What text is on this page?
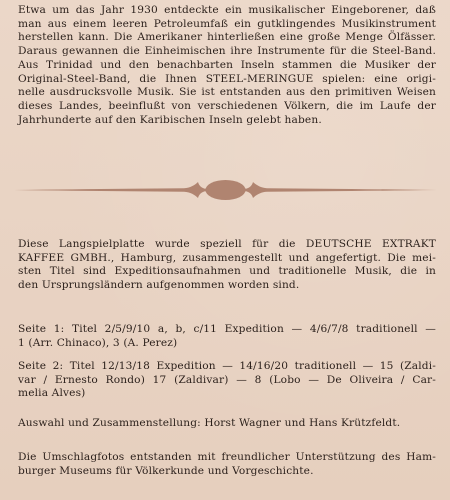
Etwa um das Jahr 1930 entdeckte ein musikalischer Eingeborener, daß
man aus einem leeren Petroleumfaß ein gutklingendes Musikinstrument
herstellen kann. Die Amerikaner hinterließen eine große Menge Ölfässer.
Daraus gewannen die Einheimischen ihre Instrumente für die Steel-Band.
Aus Trinidad und den benachbarten Inseln stammen die Musiker der
Original-Steel-Band, die Ihnen STEEL-MERINGUE spielen: eine origi-
nelle ausdrucksvolle Musik. Sie ist entstanden aus den primitiven Weisen
dieses Landes, beeinflußt von verschiedenen Völkern, die im Laufe der
Jahrhunderte auf den Karibischen Inseln gelebt haben.

Diese Langspielplatte wurde speziell für die DEUTSCHE EXTRAKT
KAFFEE GMBH., Hamburg, zusammengestellt und angefertigt. Die mei-
sten Titel sind Expeditionsaufnahmen und traditionelle Musik, die in
den Ursprungsländern aufgenommen worden sind.

Seite 1: Titel 2/5/9/10 a, b, c/11 Expedition — 4/6/7/8 traditionell —
1 (Arr. Chinaco), 3 (A. Perez)

Seite 2: Titel 12/13/18 Expedition — 14/16/20 traditionell — 15 (Zaldi-
var / Ernesto Rondo) 17 (Zaldivar) — 8 (Lobo — De Oliveira / Car-
melia Alves)

Auswahl und Zusammenstellung: Horst Wagner und Hans Krützfeldt.

Die Umschlagfotos entstanden mit freundlicher Unterstützung des Ham-
burger Museums für Völkerkunde und Vorgeschichte.
